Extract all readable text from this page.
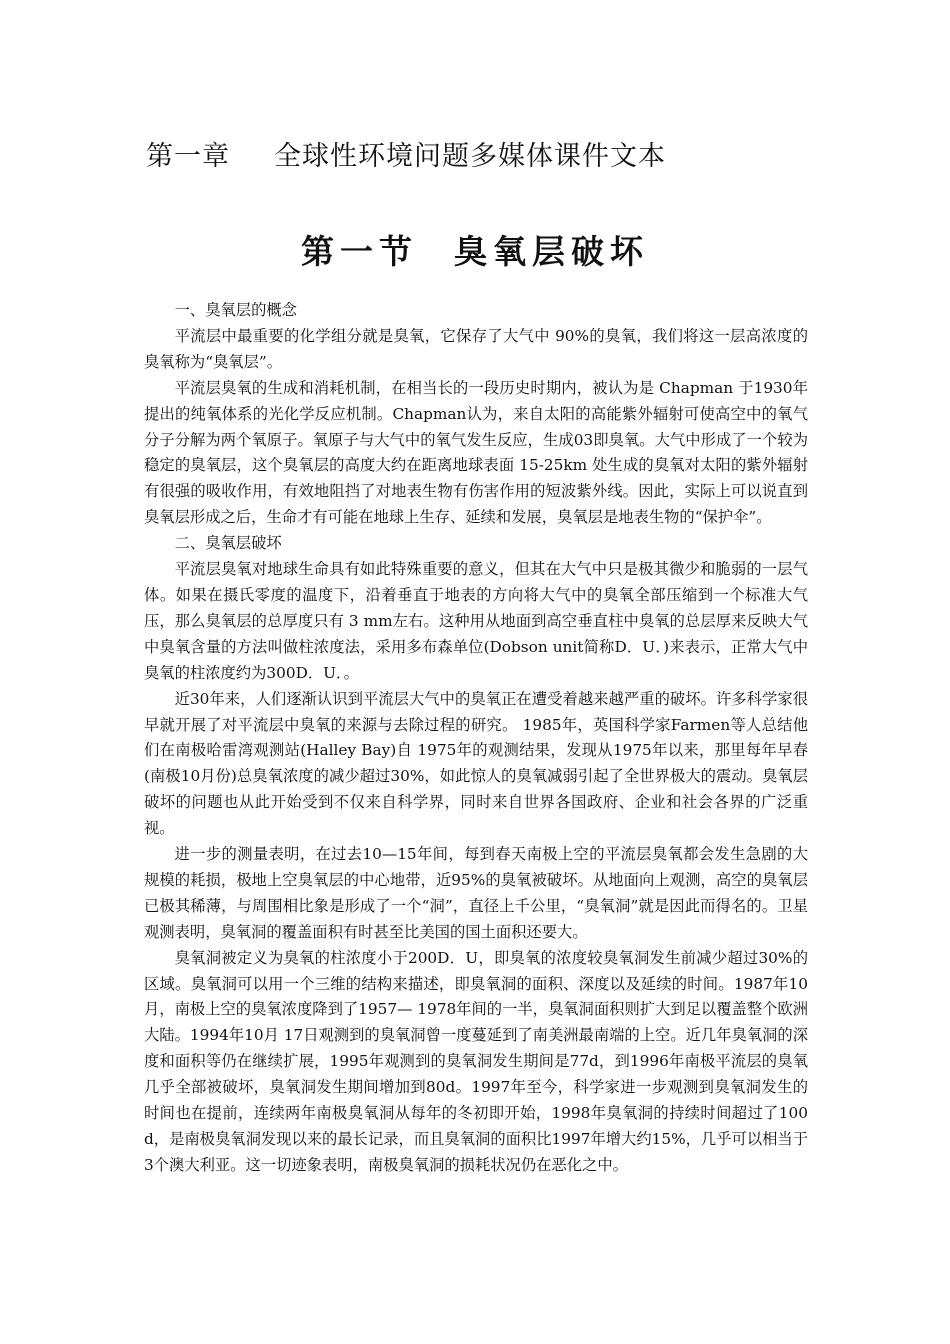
第一章 全球性环境问题多媒体课件文本
第一节 臭氧层破坏

一、臭氧层的概念

平流层中最重要的化学组分就是臭氧，它保存了大气中 90%的臭氧，我们将这一层高浓度的臭氧称为“臭氧层”。

平流层臭氧的生成和消耗机制，在相当长的一段历史时期内，被认为是 Chapman 于1930年提出的纯氧体系的光化学反应机制。Chapman认为，来自太阳的高能紫外辐射可使高空中的氧气分子分解为两个氧原子。氧原子与大气中的氧气发生反应，生成03即臭氧。大气中形成了一个较为稳定的臭氧层，这个臭氧层的高度大约在距离地球表面 15-25km 处生成的臭氧对太阳的紫外辐射有很强的吸收作用，有效地阻挡了对地表生物有伤害作用的短波紫外线。因此，实际上可以说直到臭氧层形成之后，生命才有可能在地球上生存、延续和发展，臭氧层是地表生物的“保护伞”。

二、臭氧层破坏

平流层臭氧对地球生命具有如此特殊重要的意义，但其在大气中只是极其微少和脆弱的一层气体。如果在摄氏零度的温度下，沿着垂直于地表的方向将大气中的臭氧全部压缩到一个标准大气压，那么臭氧层的总厚度只有 3 mm左右。这种用从地面到高空垂直柱中臭氧的总层厚来反映大气中臭氧含量的方法叫做柱浓度法，采用多布森单位(Dobson unit简称D．U．)来表示，正常大气中臭氧的柱浓度约为300D．U．。

近30年来，人们逐渐认识到平流层大气中的臭氧正在遭受着越来越严重的破坏。许多科学家很早就开展了对平流层中臭氧的来源与去除过程的研究。 1985年，英国科学家Farmen等人总结他们在南极哈雷湾观测站(Halley Bay)自 1975年的观测结果，发现从1975年以来，那里每年早春(南极10月份)总臭氧浓度的减少超过30%，如此惊人的臭氧减弱引起了全世界极大的震动。臭氧层破坏的问题也从此开始受到不仅来自科学界，同时来自世界各国政府、企业和社会各界的广泛重视。

进一步的测量表明，在过去10—15年间，每到春天南极上空的平流层臭氧都会发生急剧的大规模的耗损，极地上空臭氧层的中心地带，近95%的臭氧被破坏。从地面向上观测，高空的臭氧层已极其稀薄，与周围相比象是形成了一个“洞”，直径上千公里，“臭氧洞”就是因此而得名的。卫星观测表明，臭氧洞的覆盖面积有时甚至比美国的国土面积还要大。

臭氧洞被定义为臭氧的柱浓度小于200D．U，即臭氧的浓度较臭氧洞发生前减少超过30%的区域。臭氧洞可以用一个三维的结构来描述，即臭氧洞的面积、深度以及延续的时间。1987年10月，南极上空的臭氧浓度降到了1957— 1978年间的一半，臭氧洞面积则扩大到足以覆盖整个欧洲大陆。1994年10月 17日观测到的臭氧洞曾一度蔓延到了南美洲最南端的上空。近几年臭氧洞的深度和面积等仍在继续扩展，1995年观测到的臭氧洞发生期间是77d，到1996年南极平流层的臭氧几乎全部被破坏，臭氧洞发生期间增加到80d。1997年至今，科学家进一步观测到臭氧洞发生的时间也在提前，连续两年南极臭氧洞从每年的冬初即开始，1998年臭氧洞的持续时间超过了100 d，是南极臭氧洞发现以来的最长记录，而且臭氧洞的面积比1997年增大约15%，几乎可以相当于3个澳大利亚。这一切迹象表明，南极臭氧洞的损耗状况仍在恶化之中。
